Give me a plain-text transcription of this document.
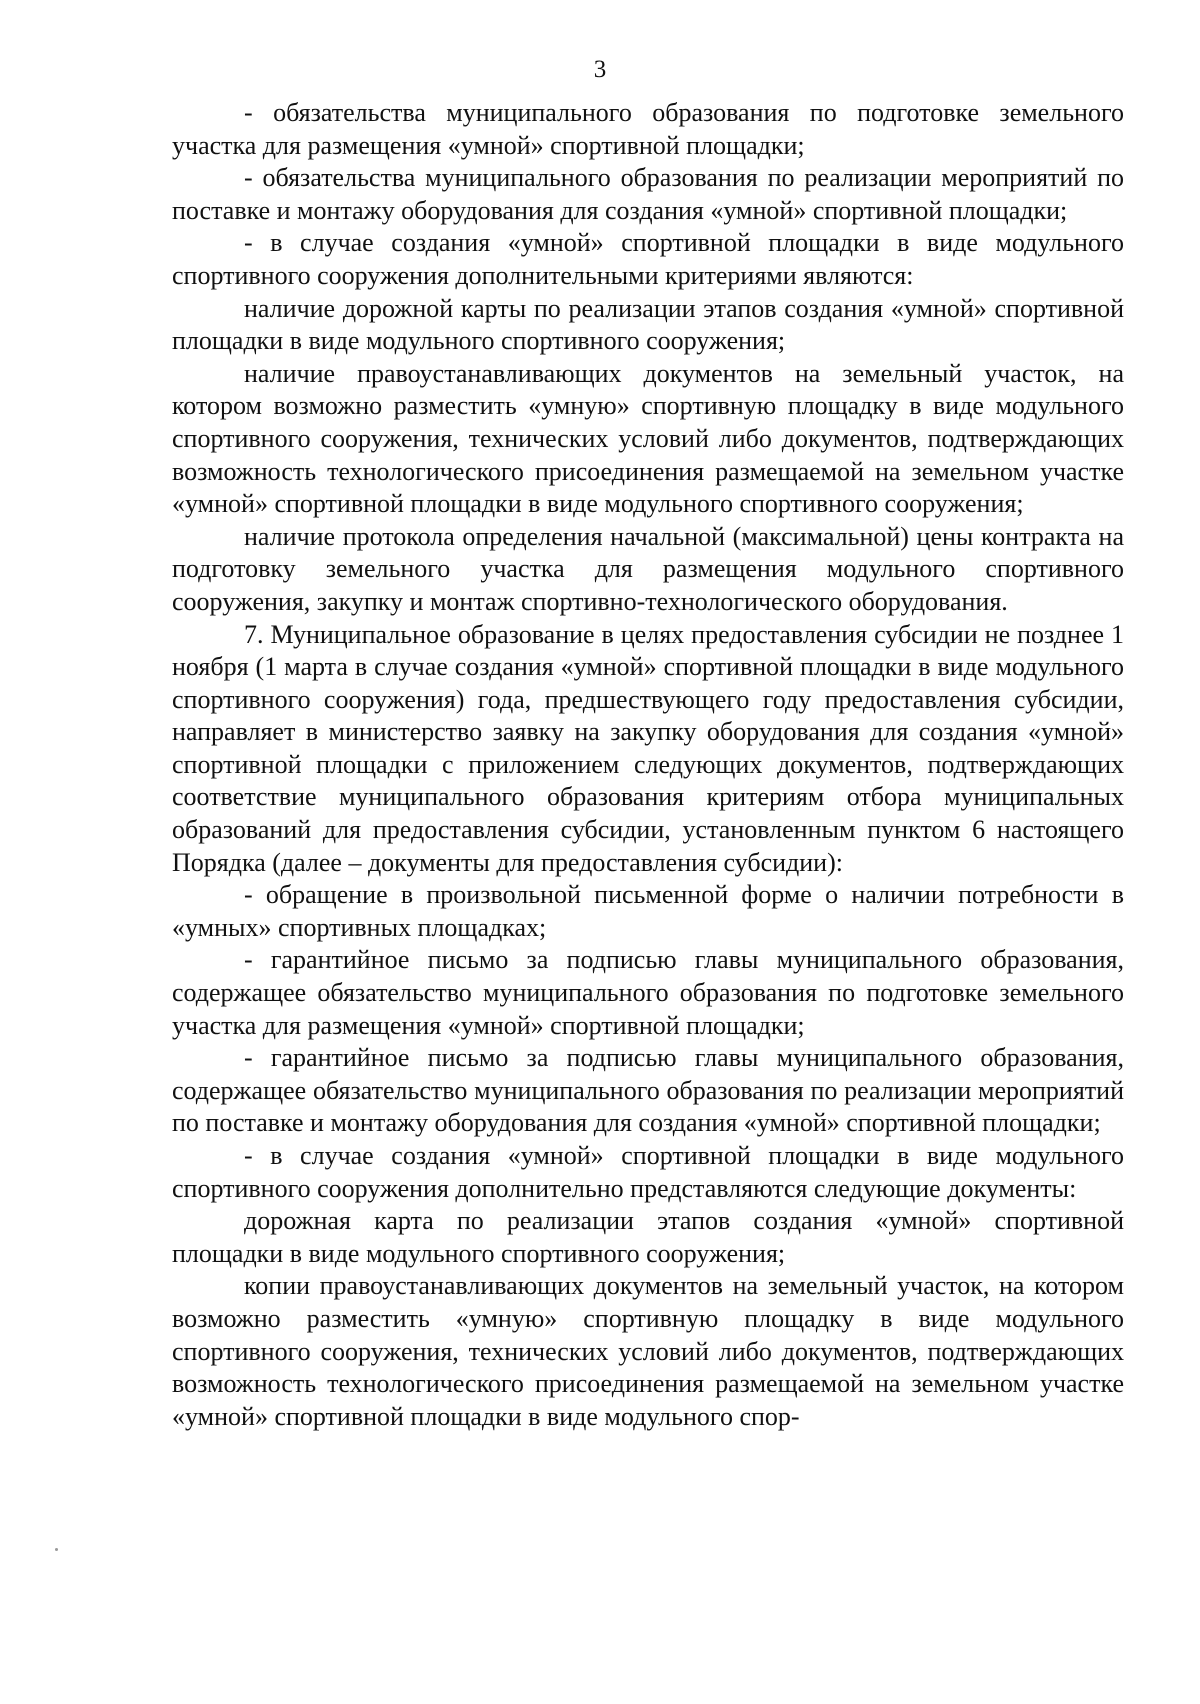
3

- обязательства муниципального образования по подготовке земельного участка для размещения «умной» спортивной площадки;

- обязательства муниципального образования по реализации мероприятий по поставке и монтажу оборудования для создания «умной» спортивной площадки;

- в случае создания «умной» спортивной площадки в виде модульного спортивного сооружения дополнительными критериями являются:

наличие дорожной карты по реализации этапов создания «умной» спортивной площадки в виде модульного спортивного сооружения;

наличие правоустанавливающих документов на земельный участок, на котором возможно разместить «умную» спортивную площадку в виде модульного спортивного сооружения, технических условий либо документов, подтверждающих возможность технологического присоединения размещаемой на земельном участке «умной» спортивной площадки в виде модульного спортивного сооружения;

наличие протокола определения начальной (максимальной) цены контракта на подготовку земельного участка для размещения модульного спортивного сооружения, закупку и монтаж спортивно-технологического оборудования.

7. Муниципальное образование в целях предоставления субсидии не позднее 1 ноября (1 марта в случае создания «умной» спортивной площадки в виде модульного спортивного сооружения) года, предшествующего году предоставления субсидии, направляет в министерство заявку на закупку оборудования для создания «умной» спортивной площадки с приложением следующих документов, подтверждающих соответствие муниципального образования критериям отбора муниципальных образований для предоставления субсидии, установленным пунктом 6 настоящего Порядка (далее – документы для предоставления субсидии):

- обращение в произвольной письменной форме о наличии потребности в «умных» спортивных площадках;

- гарантийное письмо за подписью главы муниципального образования, содержащее обязательство муниципального образования по подготовке земельного участка для размещения «умной» спортивной площадки;

- гарантийное письмо за подписью главы муниципального образования, содержащее обязательство муниципального образования по реализации мероприятий по поставке и монтажу оборудования для создания «умной» спортивной площадки;

- в случае создания «умной» спортивной площадки в виде модульного спортивного сооружения дополнительно представляются следующие документы:

дорожная карта по реализации этапов создания «умной» спортивной площадки в виде модульного спортивного сооружения;

копии правоустанавливающих документов на земельный участок, на котором возможно разместить «умную» спортивную площадку в виде модульного спортивного сооружения, технических условий либо документов, подтверждающих возможность технологического присоединения размещаемой на земельном участке «умной» спортивной площадки в виде модульного спор-
